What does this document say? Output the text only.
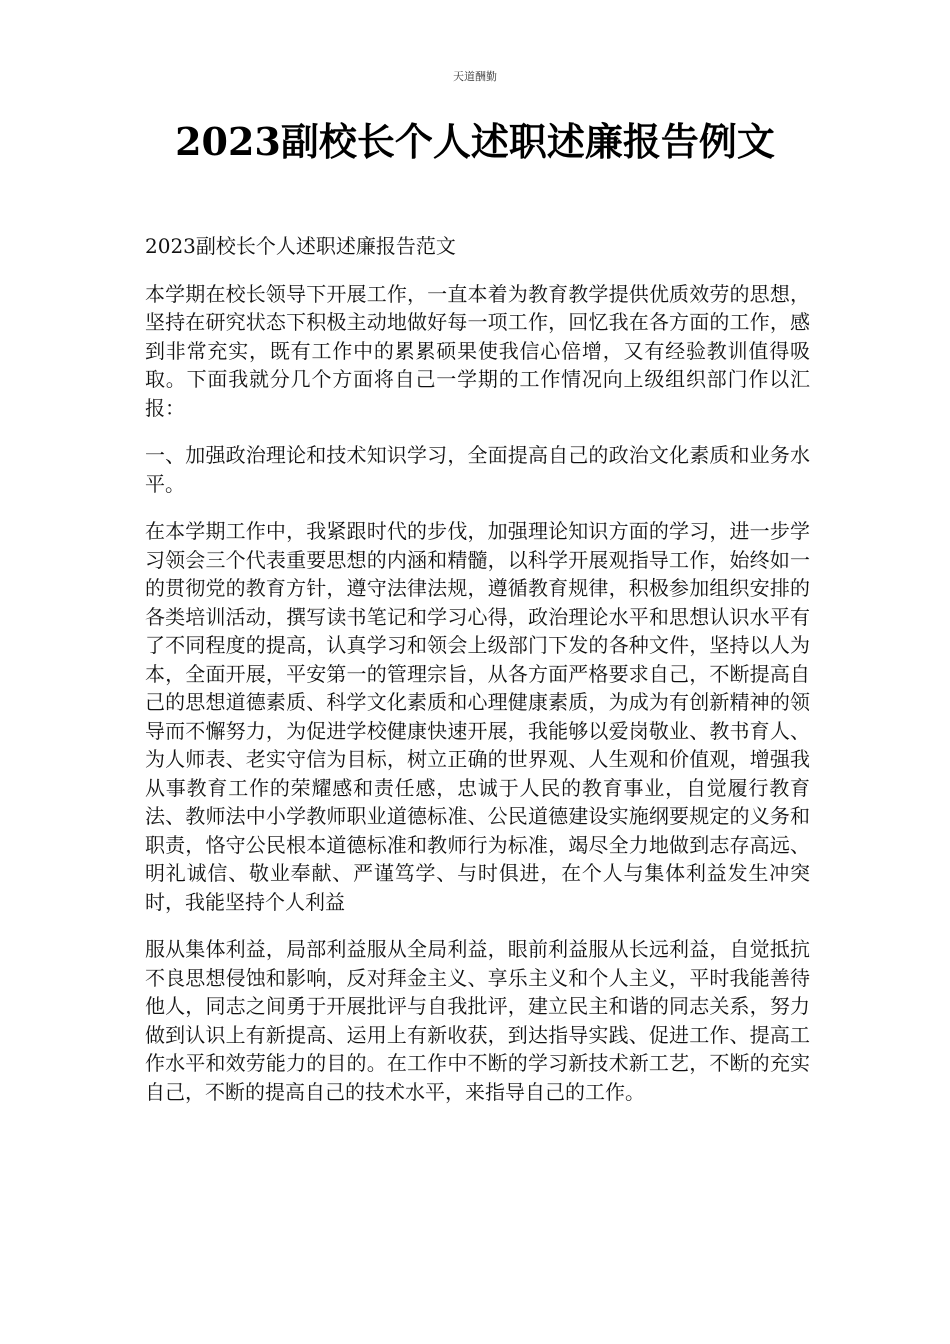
天道酬勤
2023副校长个人述职述廉报告例文

2023副校长个人述职述廉报告范文

本学期在校长领导下开展工作，一直本着为教育教学提供优质效劳的思想，坚持在研究状态下积极主动地做好每一项工作，回忆我在各方面的工作，感到非常充实，既有工作中的累累硕果使我信心倍增，又有经验教训值得吸取。下面我就分几个方面将自己一学期的工作情况向上级组织部门作以汇报：

一、加强政治理论和技术知识学习，全面提高自己的政治文化素质和业务水平。

在本学期工作中，我紧跟时代的步伐，加强理论知识方面的学习，进一步学习领会三个代表重要思想的内涵和精髓，以科学开展观指导工作，始终如一的贯彻党的教育方针，遵守法律法规，遵循教育规律，积极参加组织安排的各类培训活动，撰写读书笔记和学习心得，政治理论水平和思想认识水平有了不同程度的提高，认真学习和领会上级部门下发的各种文件，坚持以人为本，全面开展，平安第一的管理宗旨，从各方面严格要求自己，不断提高自己的思想道德素质、科学文化素质和心理健康素质，为成为有创新精神的领导而不懈努力，为促进学校健康快速开展，我能够以爱岗敬业、教书育人、为人师表、老实守信为目标，树立正确的世界观、人生观和价值观，增强我从事教育工作的荣耀感和责任感，忠诚于人民的教育事业，自觉履行教育法、教师法中小学教师职业道德标准、公民道德建设实施纲要规定的义务和职责，恪守公民根本道德标准和教师行为标准，竭尽全力地做到志存高远、明礼诚信、敬业奉献、严谨笃学、与时俱进，在个人与集体利益发生冲突时，我能坚持个人利益

服从集体利益，局部利益服从全局利益，眼前利益服从长远利益，自觉抵抗不良思想侵蚀和影响，反对拜金主义、享乐主义和个人主义，平时我能善待他人，同志之间勇于开展批评与自我批评，建立民主和谐的同志关系，努力做到认识上有新提高、运用上有新收获，到达指导实践、促进工作、提高工作水平和效劳能力的目的。在工作中不断的学习新技术新工艺，不断的充实自己，不断的提高自己的技术水平，来指导自己的工作。
